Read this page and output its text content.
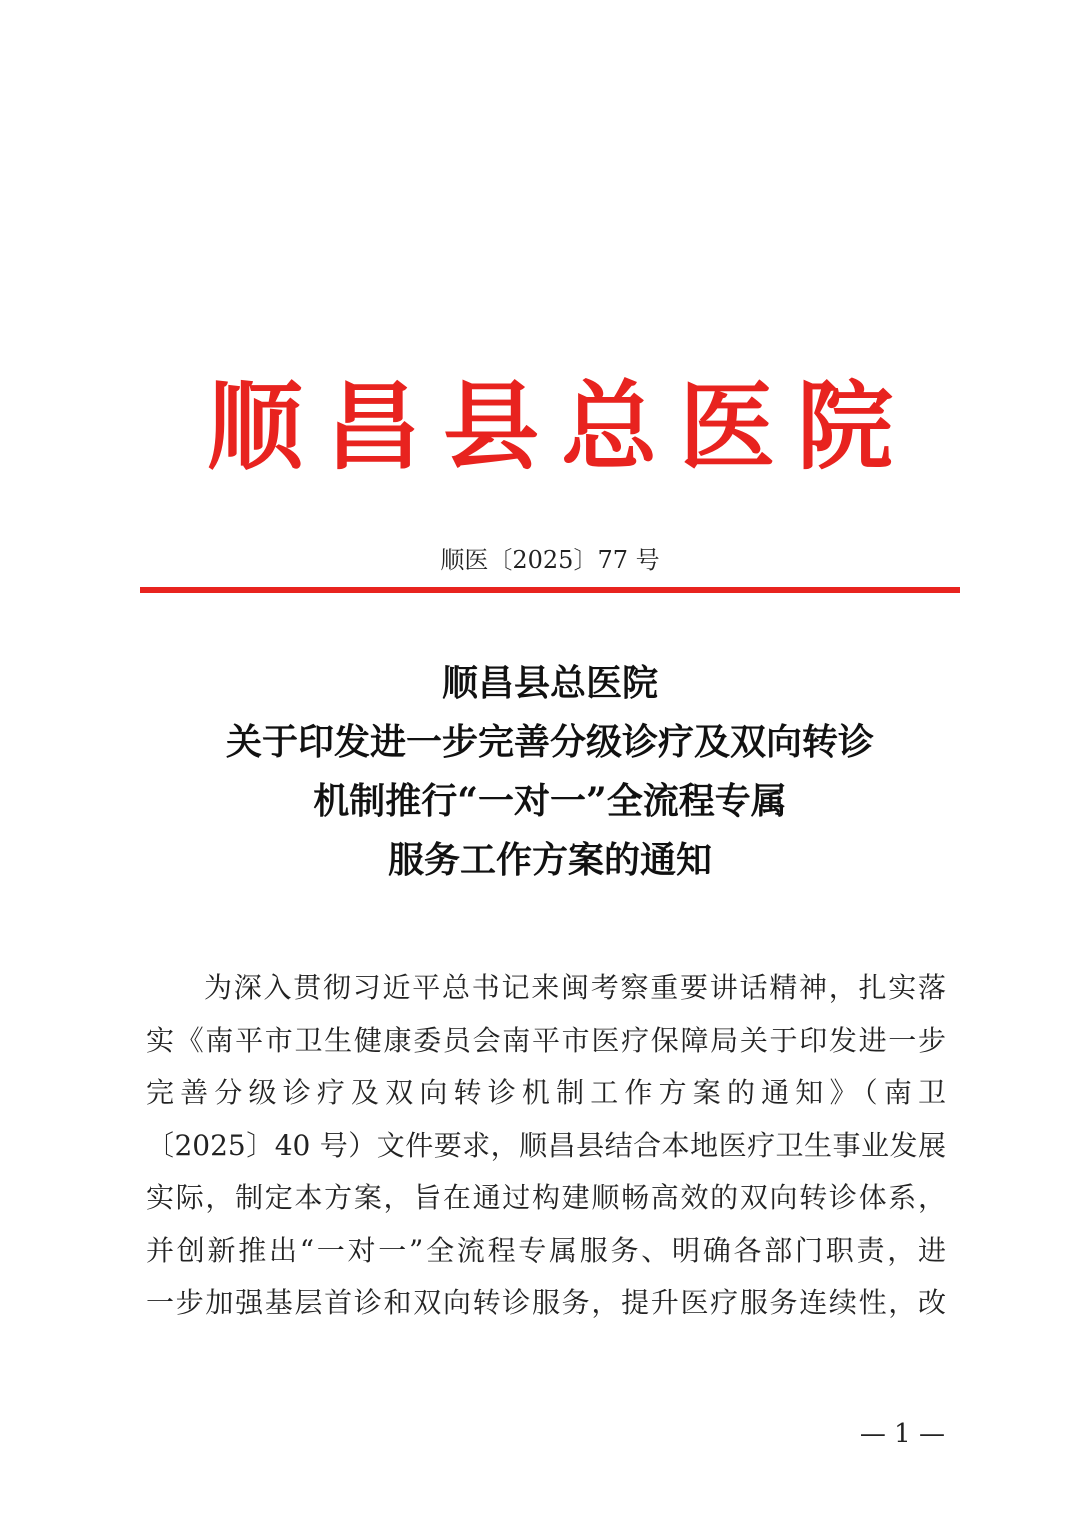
顺昌县总医院
顺医〔2025〕77 号
顺昌县总医院
关于印发进一步完善分级诊疗及双向转诊
机制推行“一对一”全流程专属
服务工作方案的通知
为深入贯彻习近平总书记来闽考察重要讲话精神，扎实落
实《南平市卫生健康委员会南平市医疗保障局关于印发进一步
完善分级诊疗及双向转诊机制工作方案的通知》（南卫
〔2025〕40 号）文件要求，顺昌县结合本地医疗卫生事业发展
实际，制定本方案，旨在通过构建顺畅高效的双向转诊体系，
并创新推出“一对一”全流程专属服务、明确各部门职责，进
一步加强基层首诊和双向转诊服务，提升医疗服务连续性，改
— 1 —
